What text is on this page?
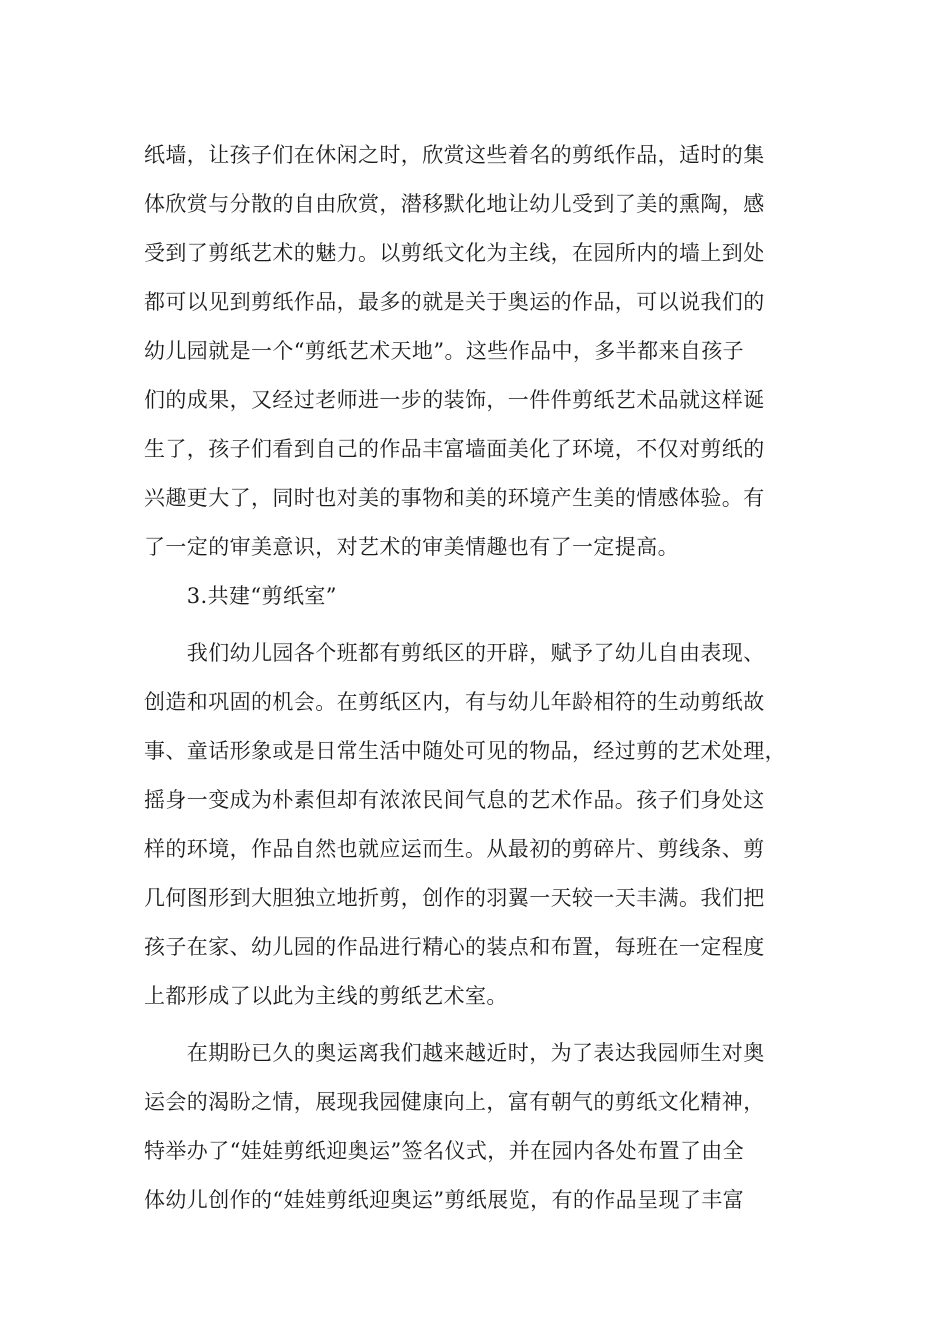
纸墙，让孩子们在休闲之时，欣赏这些着名的剪纸作品，适时的集
体欣赏与分散的自由欣赏，潜移默化地让幼儿受到了美的熏陶，感
受到了剪纸艺术的魅力。以剪纸文化为主线，在园所内的墙上到处
都可以见到剪纸作品，最多的就是关于奥运的作品，可以说我们的
幼儿园就是一个“剪纸艺术天地”。这些作品中，多半都来自孩子
们的成果，又经过老师进一步的装饰，一件件剪纸艺术品就这样诞
生了，孩子们看到自己的作品丰富墙面美化了环境，不仅对剪纸的
兴趣更大了，同时也对美的事物和美的环境产生美的情感体验。有
了一定的审美意识，对艺术的审美情趣也有了一定提高。
　　3.共建“剪纸室”
　　我们幼儿园各个班都有剪纸区的开辟，赋予了幼儿自由表现、
创造和巩固的机会。在剪纸区内，有与幼儿年龄相符的生动剪纸故
事、童话形象或是日常生活中随处可见的物品，经过剪的艺术处理，
摇身一变成为朴素但却有浓浓民间气息的艺术作品。孩子们身处这
样的环境，作品自然也就应运而生。从最初的剪碎片、剪线条、剪
几何图形到大胆独立地折剪，创作的羽翼一天较一天丰满。我们把
孩子在家、幼儿园的作品进行精心的装点和布置，每班在一定程度
上都形成了以此为主线的剪纸艺术室。
　　在期盼已久的奥运离我们越来越近时，为了表达我园师生对奥
运会的渴盼之情，展现我园健康向上，富有朝气的剪纸文化精神，
特举办了“娃娃剪纸迎奥运”签名仪式，并在园内各处布置了由全
体幼儿创作的“娃娃剪纸迎奥运”剪纸展览，有的作品呈现了丰富
